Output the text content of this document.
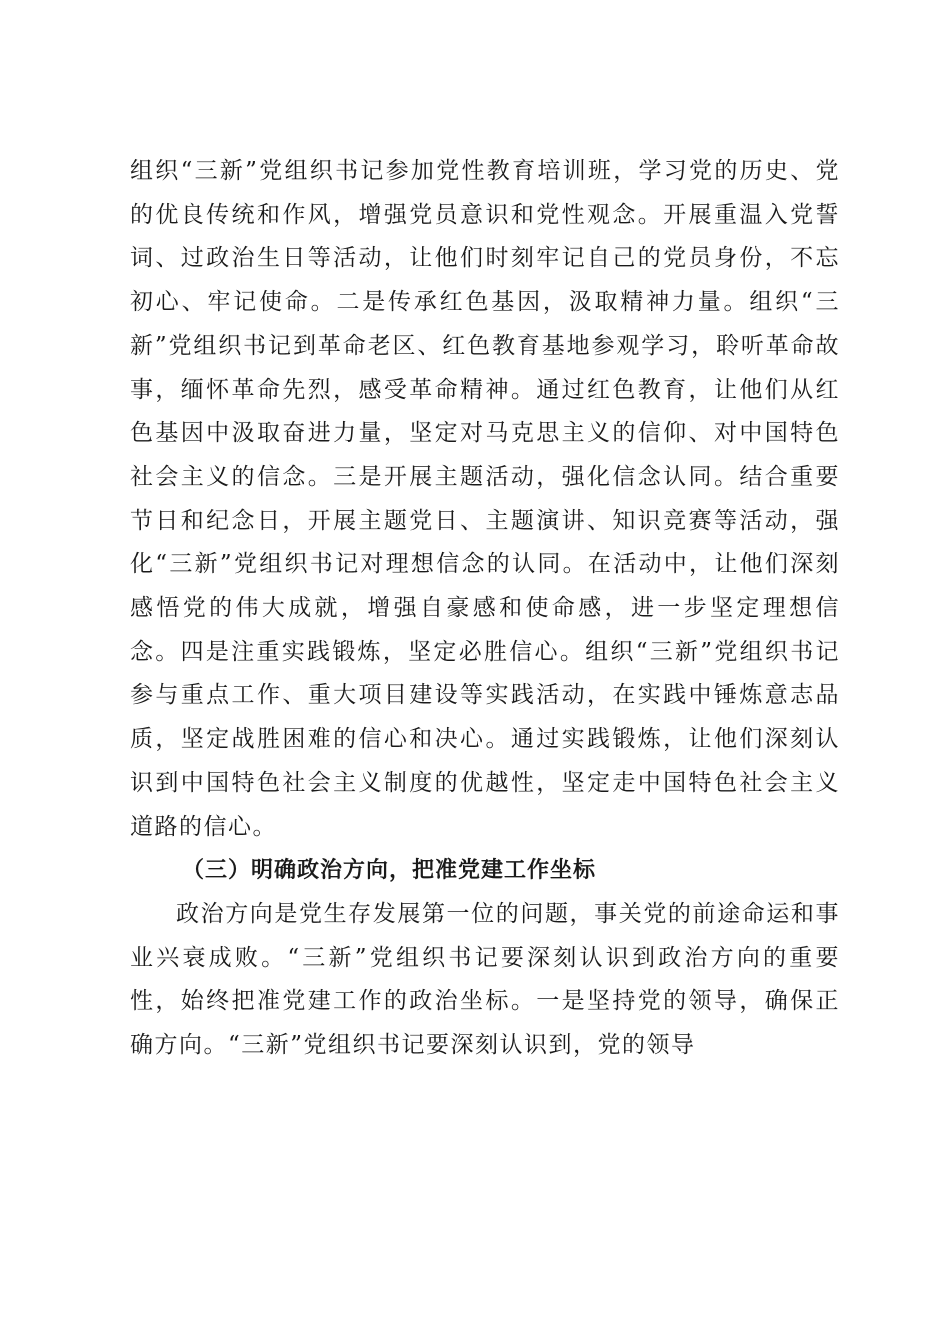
组织“三新”党组织书记参加党性教育培训班，学习党的历史、党的优良传统和作风，增强党员意识和党性观念。开展重温入党誓词、过政治生日等活动，让他们时刻牢记自己的党员身份，不忘初心、牢记使命。二是传承红色基因，汲取精神力量。组织“三新”党组织书记到革命老区、红色教育基地参观学习，聆听革命故事，缅怀革命先烈，感受革命精神。通过红色教育，让他们从红色基因中汲取奋进力量，坚定对马克思主义的信仰、对中国特色社会主义的信念。三是开展主题活动，强化信念认同。结合重要节日和纪念日，开展主题党日、主题演讲、知识竞赛等活动，强化“三新”党组织书记对理想信念的认同。在活动中，让他们深刻感悟党的伟大成就，增强自豪感和使命感，进一步坚定理想信念。四是注重实践锻炼，坚定必胜信心。组织“三新”党组织书记参与重点工作、重大项目建设等实践活动，在实践中锤炼意志品质，坚定战胜困难的信心和决心。通过实践锻炼，让他们深刻认识到中国特色社会主义制度的优越性，坚定走中国特色社会主义道路的信心。

（三）明确政治方向，把准党建工作坐标

政治方向是党生存发展第一位的问题，事关党的前途命运和事业兴衰成败。“三新”党组织书记要深刻认识到政治方向的重要性，始终把准党建工作的政治坐标。一是坚持党的领导，确保正确方向。“三新”党组织书记要深刻认识到，党的领导
